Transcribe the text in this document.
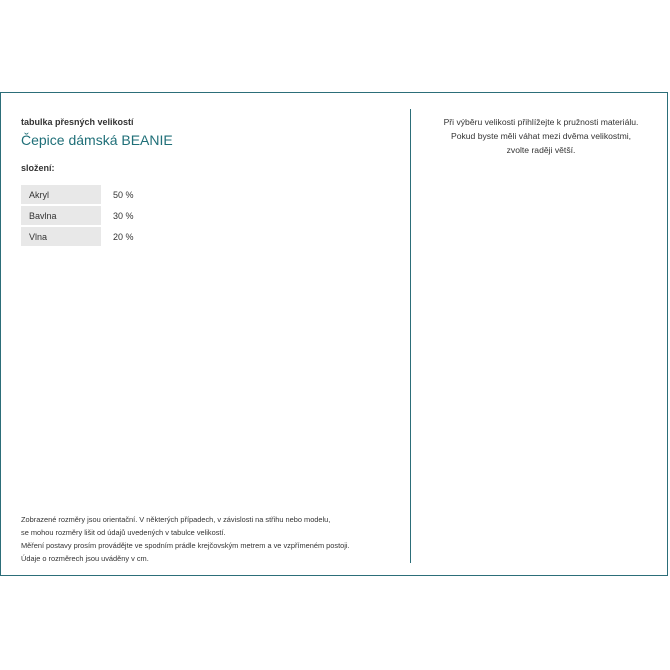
tabulka přesných velikostí

Čepice dámská BEANIE

složení:

Akryl	50 %
Bavlna	30 %
Vlna	20 %
Zobrazené rozměry jsou orientační. V některých případech, v závislosti na střihu nebo modelu,
se mohou rozměry lišit od údajů uvedených v tabulce velikostí.
Měření postavy prosím provádějte ve spodním prádle krejčovským metrem a ve vzpřímeném postoji.
Údaje o rozměrech jsou uváděny v cm.
Při výběru velikosti přihlížejte k pružnosti materiálu.
Pokud byste měli váhat mezi dvěma velikostmi,
zvolte raději větší.
